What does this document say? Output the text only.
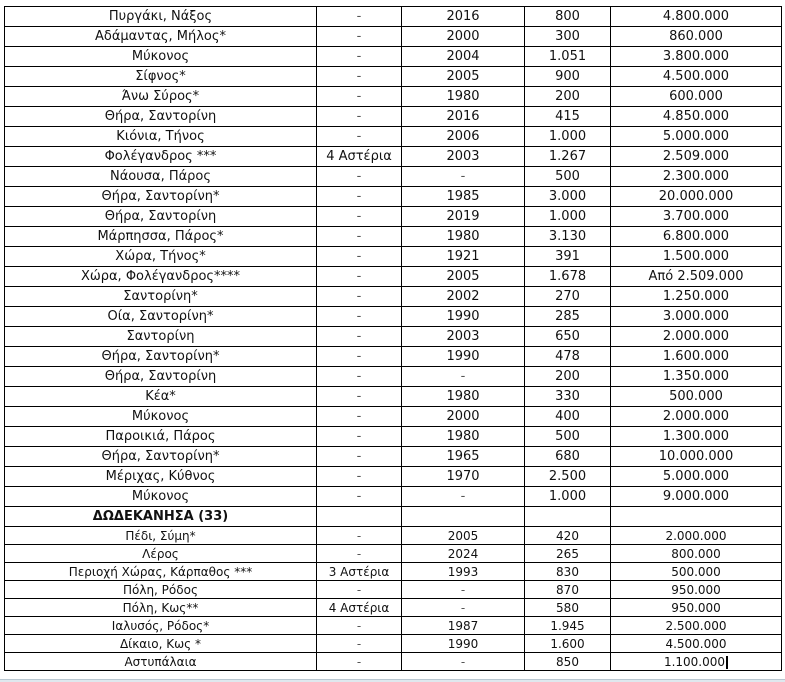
Πυργάκι, Νάξος	-	2016	800	4.800.000
Αδάμαντας, Μήλος*	-	2000	300	860.000
Μύκονος	-	2004	1.051	3.800.000
Σίφνος*	-	2005	900	4.500.000
Άνω Σύρος*	-	1980	200	600.000
Θήρα, Σαντορίνη	-	2016	415	4.850.000
Κιόνια, Τήνος	-	2006	1.000	5.000.000
Φολέγανδρος ***	4 Αστέρια	2003	1.267	2.509.000
Νάουσα, Πάρος	-	-	500	2.300.000
Θήρα, Σαντορίνη*	-	1985	3.000	20.000.000
Θήρα, Σαντορίνη	-	2019	1.000	3.700.000
Μάρπησσα, Πάρος*	-	1980	3.130	6.800.000
Χώρα, Τήνος*	-	1921	391	1.500.000
Χώρα, Φολέγανδρος****	-	2005	1.678	Από 2.509.000
Σαντορίνη*	-	2002	270	1.250.000
Οία, Σαντορίνη*	-	1990	285	3.000.000
Σαντορίνη	-	2003	650	2.000.000
Θήρα, Σαντορίνη*	-	1990	478	1.600.000
Θήρα, Σαντορίνη	-	-	200	1.350.000
Κέα*	-	1980	330	500.000
Μύκονος	-	2000	400	2.000.000
Παροικιά, Πάρος	-	1980	500	1.300.000
Θήρα, Σαντορίνη*	-	1965	680	10.000.000
Μέριχας, Κύθνος	-	1970	2.500	5.000.000
Μύκονος	-	-	1.000	9.000.000
ΔΩΔΕΚΑΝΗΣΑ (33)				
Πέδι, Σύμη*	-	2005	420	2.000.000
Λέρος	-	2024	265	800.000
Περιοχή Χώρας, Κάρπαθος ***	3 Αστέρια	1993	830	500.000
Πόλη, Ρόδος	-	-	870	950.000
Πόλη, Κως**	4 Αστέρια	-	580	950.000
Ιαλυσός, Ρόδος*	-	1987	1.945	2.500.000
Δίκαιο, Κως *	-	1990	1.600	4.500.000
Αστυπάλαια	-	-	850	1.100.000
